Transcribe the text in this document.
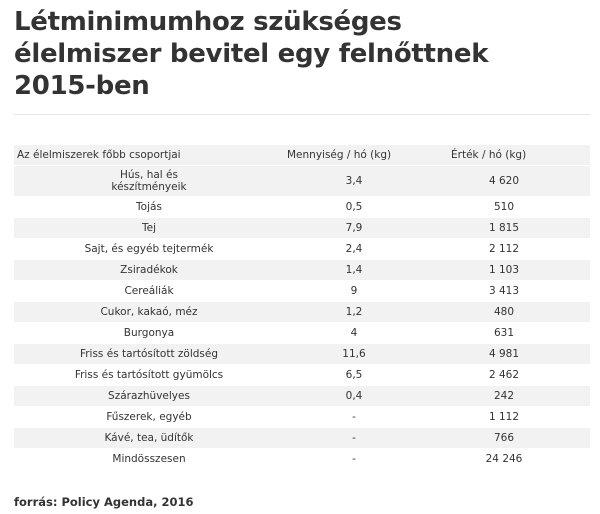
Létminimumhoz szükséges
élelmiszer bevitel egy felnőttnek
2015-ben
Az élelmiszerek főbb csoportjai	Mennyiség / hó (kg)	Érték / hó (kg)
Hús, hal és
készítményeik	3,4	4 620
Tojás	0,5	510
Tej	7,9	1 815
Sajt, és egyéb tejtermék	2,4	2 112
Zsiradékok	1,4	1 103
Cereáliák	9	3 413
Cukor, kakaó, méz	1,2	480
Burgonya	4	631
Friss és tartósított zöldség	11,6	4 981
Friss és tartósított gyümölcs	6,5	2 462
Szárazhüvelyes	0,4	242
Fűszerek, egyéb	-	1 112
Kávé, tea, üdítők	-	766
Mindösszesen	-	24 246

forrás: Policy Agenda, 2016
